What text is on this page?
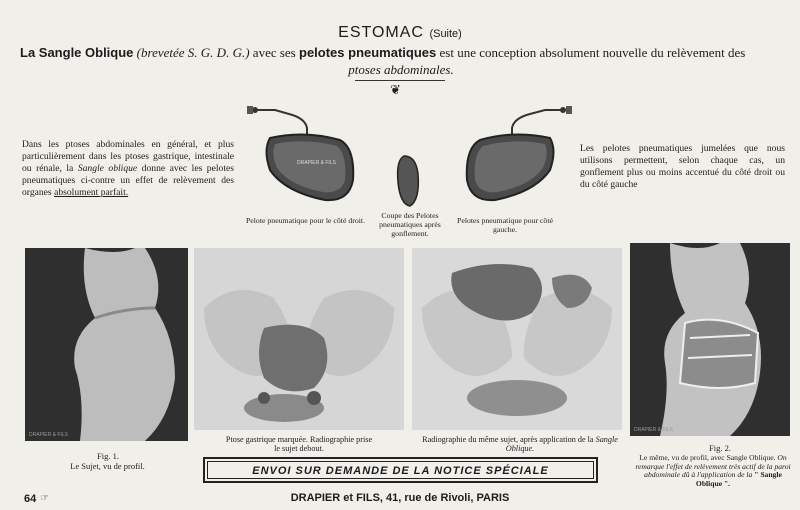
ESTOMAC (Suite)
La Sangle Oblique (brevetée S. G. D. G.) avec ses pelotes pneumatiques est une conception absolument nouvelle du relèvement des
ptoses abdominales.
❦
Dans les ptoses abdominales en général, et plus particulièrement dans les ptoses gastrique, intestinale ou rénale, la Sangle oblique donne avec les pelotes pneumatiques ci-contre un effet de relèvement des organes absolument parfait.
Les pelotes pneumatiques jumelées que nous utilisons permettent, selon chaque cas, un gonflement plus ou moins accentué du côté droit ou du côté gauche
DRAPIER & FILS
Pelote pneumatique pour le côté droit.
Coupe des Pelotes pneumatiques après gonflement.
Pelotes pneumatique pour côté gauche.
DRAPIER & FILS
DRAPIER & FILS
Fig. 1.
Le Sujet, vu de profil.
Ptose gastrique marquée. Radiographie prise le sujet debout.
Radiographie du même sujet, après application de la Sangle Oblique.	Fig. 2.
Le même, vu de profil, avec Sangle Oblique. On remarque l'effet de relèvement très actif de la paroi abdominale dû à l'application de la " Sangle Oblique ".
ENVOI SUR DEMANDE DE LA NOTICE SPÉCIALE
64 ☞	DRAPIER et FILS, 41, rue de Rivoli, PARIS
